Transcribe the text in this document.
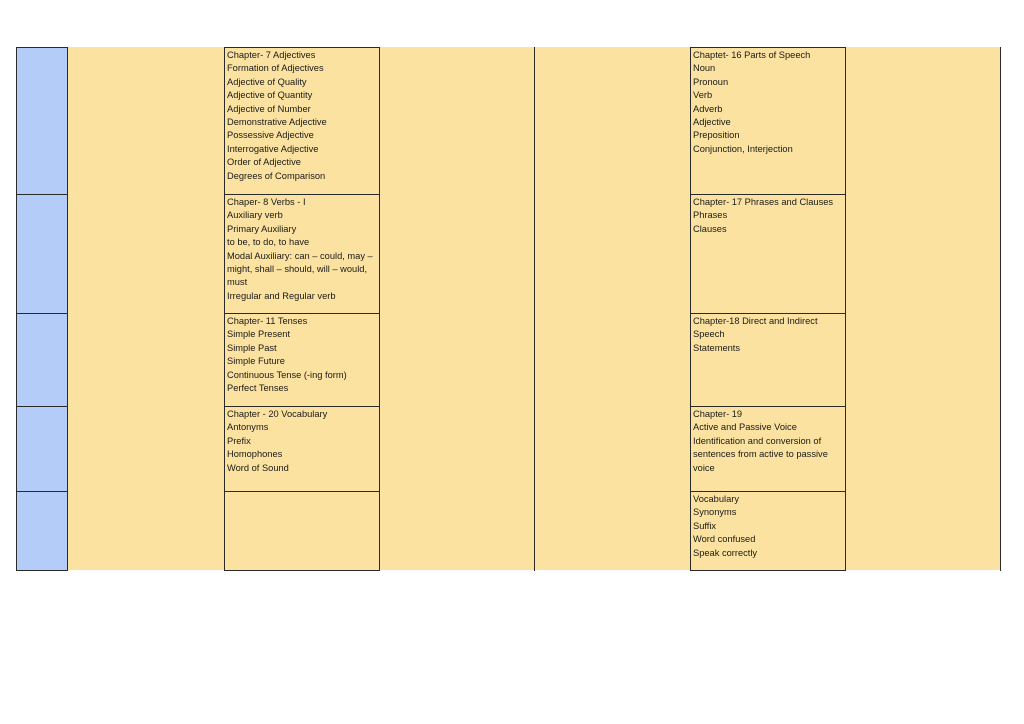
Chapter- 7 Adjectives
Formation of Adjectives
Adjective of Quality
Adjective of Quantity
Adjective of Number
Demonstrative Adjective
Possessive Adjective
Interrogative Adjective
Order of Adjective
Degrees of Comparison
Chaper- 8 Verbs - I
Auxiliary verb
Primary Auxiliary
to be, to do, to have
Modal Auxiliary: can – could, may –
might, shall – should, will – would,
must
Irregular and Regular verb
Chapter- 11 Tenses
Simple Present
Simple Past
Simple Future
Continuous Tense (-ing form)
Perfect Tenses
Chapter - 20 Vocabulary
Antonyms
Prefix
Homophones
Word of Sound
Chaptet- 16 Parts of Speech
Noun
Pronoun
Verb
Adverb
Adjective
Preposition
Conjunction, Interjection
Chapter- 17 Phrases and Clauses
Phrases
Clauses
Chapter-18 Direct and Indirect
Speech
Statements
Chapter- 19
Active and Passive Voice
Identification and conversion of
sentences from active to passive
voice
Vocabulary
Synonyms
Suffix
Word confused
Speak correctly
